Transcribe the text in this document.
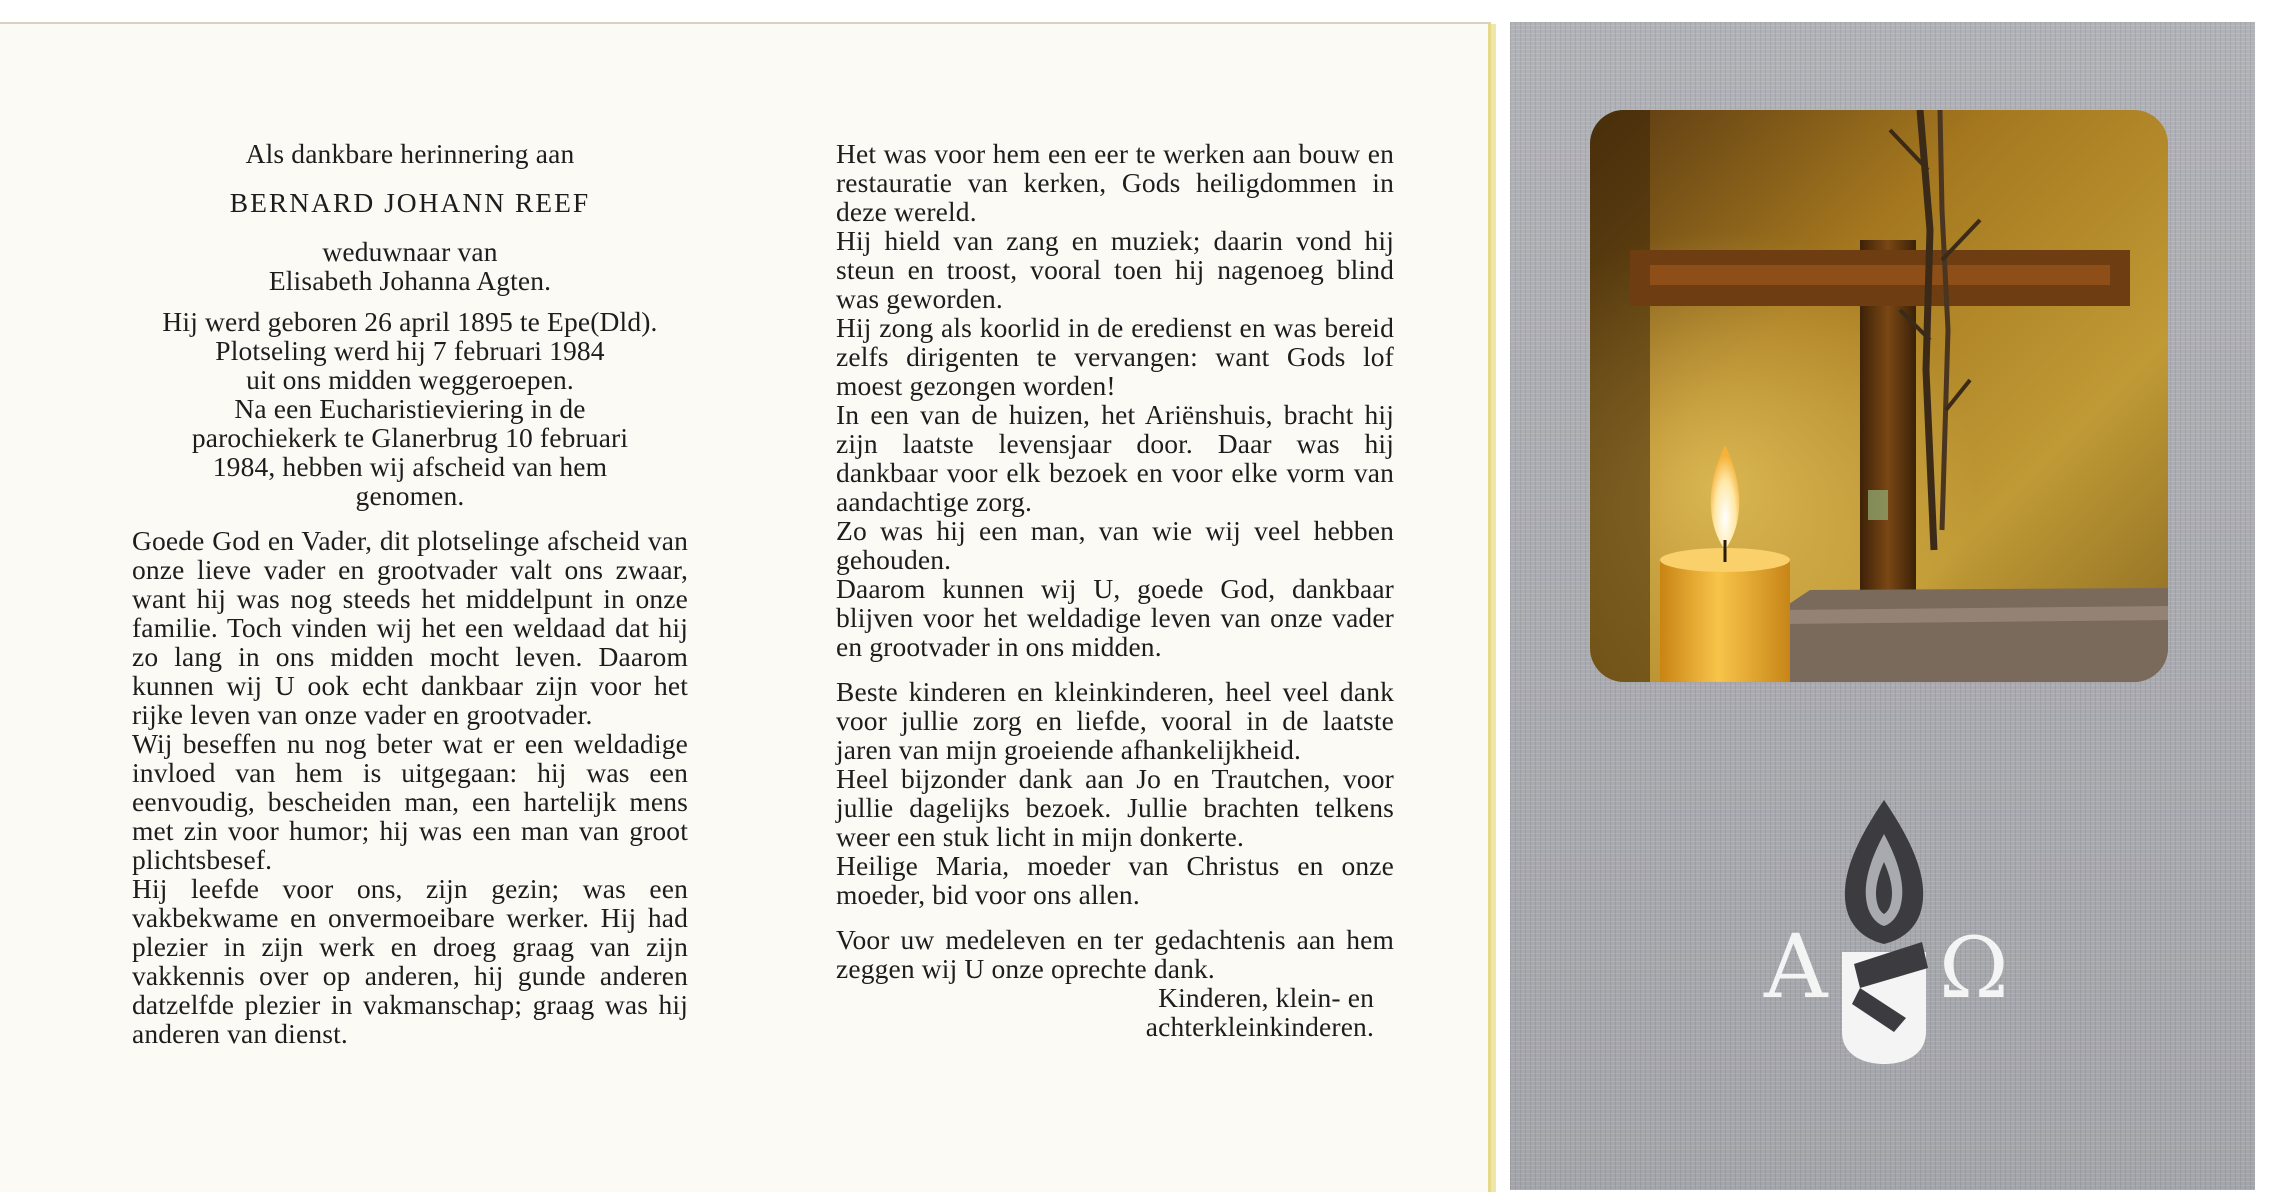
Als dankbare herinnering aan

BERNARD JOHANN REEF

weduwnaar van

Elisabeth Johanna Agten.

Hij werd geboren 26 april 1895 te Epe(Dld).

Plotseling werd hij 7 februari 1984

uit ons midden weggeroepen.

Na een Eucharistieviering in de

parochiekerk te Glanerbrug 10 februari

1984, hebben wij afscheid van hem

genomen.

Goede God en Vader, dit plotselinge afscheid van onze lieve vader en grootvader valt ons zwaar, want hij was nog steeds het middelpunt in onze familie. Toch vinden wij het een weldaad dat hij zo lang in ons midden mocht leven. Daarom kunnen wij U ook echt dankbaar zijn voor het rijke leven van onze vader en grootvader.

Wij beseffen nu nog beter wat er een weldadige invloed van hem is uitgegaan: hij was een eenvoudig, bescheiden man, een hartelijk mens met zin voor humor; hij was een man van groot plichtsbesef.

Hij leefde voor ons, zijn gezin; was een vakbekwame en onvermoeibare werker. Hij had plezier in zijn werk en droeg graag van zijn vakkennis over op anderen, hij gunde anderen datzelfde plezier in vakmanschap; graag was hij anderen van dienst.

Het was voor hem een eer te werken aan bouw en restauratie van kerken, Gods heiligdommen in deze wereld.

Hij hield van zang en muziek; daarin vond hij steun en troost, vooral toen hij nagenoeg blind was geworden.

Hij zong als koorlid in de eredienst en was bereid zelfs dirigenten te vervangen: want Gods lof moest gezongen worden!

In een van de huizen, het Ariënshuis, bracht hij zijn laatste levensjaar door. Daar was hij dankbaar voor elk bezoek en voor elke vorm van aandachtige zorg.

Zo was hij een man, van wie wij veel hebben gehouden.

Daarom kunnen wij U, goede God, dankbaar blijven voor het weldadige leven van onze vader en grootvader in ons midden.

Beste kinderen en kleinkinderen, heel veel dank voor jullie zorg en liefde, vooral in de laatste jaren van mijn groeiende afhankelijkheid.

Heel bijzonder dank aan Jo en Trautchen, voor jullie dagelijks bezoek. Jullie brachten telkens weer een stuk licht in mijn donkerte.

Heilige Maria, moeder van Christus en onze moeder, bid voor ons allen.

Voor uw medeleven en ter gedachtenis aan hem zeggen wij U onze oprechte dank.

Kinderen, klein- en

achterkleinkinderen.

A Ω
